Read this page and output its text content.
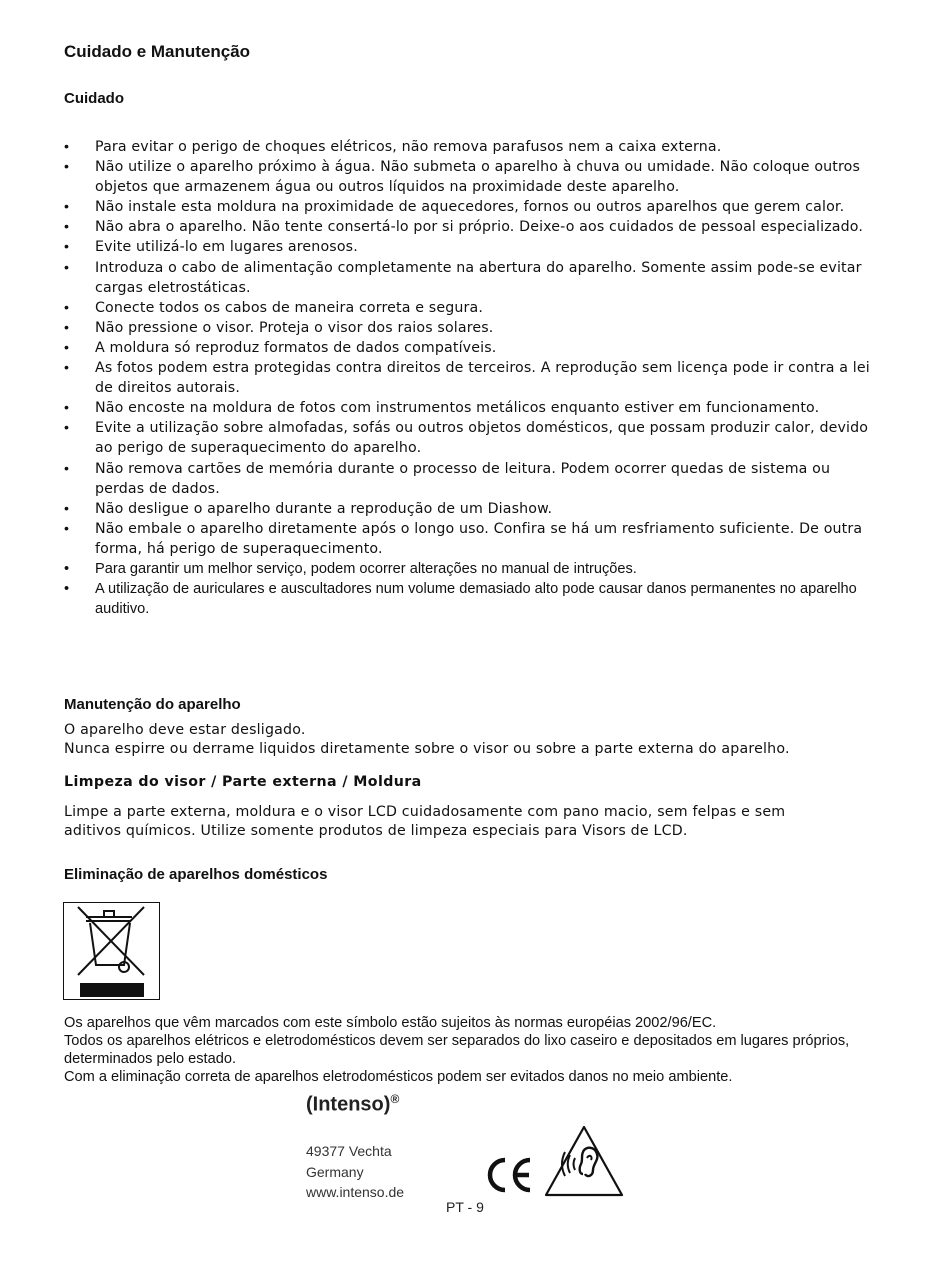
Cuidado e Manutenção
Cuidado
• Para evitar o perigo de choques elétricos, não remova parafusos nem a caixa externa.
• Não utilize o aparelho próximo à água. Não submeta o aparelho à chuva ou umidade. Não coloque outros objetos que armazenem água ou outros líquidos na proximidade deste aparelho.
• Não instale esta moldura na proximidade de aquecedores, fornos ou outros aparelhos que gerem calor.
• Não abra o aparelho. Não tente consertá-lo por si próprio. Deixe-o aos cuidados de pessoal especializado.
• Evite utilizá-lo em lugares arenosos.
• Introduza o cabo de alimentação completamente na abertura do aparelho. Somente assim pode-se evitar cargas eletrostáticas.
• Conecte todos os cabos de maneira correta e segura.
• Não pressione o visor. Proteja o visor dos raios solares.
• A moldura só reproduz formatos de dados compatíveis.
• As fotos podem estra protegidas contra direitos de terceiros. A reprodução sem licença pode ir contra a lei de direitos autorais.
• Não encoste na moldura de fotos com instrumentos metálicos enquanto estiver em funcionamento.
• Evite a utilização sobre almofadas, sofás ou outros objetos domésticos, que possam produzir calor, devido ao perigo de superaquecimento do aparelho.
• Não remova cartões de memória durante o processo de leitura. Podem ocorrer quedas de sistema ou perdas de dados.
• Não desligue o aparelho durante a reprodução de um Diashow.
• Não embale o aparelho diretamente após o longo uso. Confira se há um resfriamento suficiente. De outra forma, há perigo de superaquecimento.
• Para garantir um melhor serviço, podem ocorrer alterações no manual de intruções.
• A utilização de auriculares e auscultadores num volume demasiado alto pode causar danos permanentes no aparelho auditivo.
Manutenção do aparelho
O aparelho deve estar desligado.
Nunca espirre ou derrame liquidos diretamente sobre o visor ou sobre a parte externa do aparelho.
Limpeza do visor / Parte externa / Moldura
Limpe a parte externa, moldura e o visor LCD cuidadosamente com pano macio, sem felpas e sem
aditivos químicos. Utilize somente produtos de limpeza especiais para Visors de LCD.
Eliminação de aparelhos domésticos
Os aparelhos que vêm marcados com este símbolo estão sujeitos às normas européias 2002/96/EC.
Todos os aparelhos elétricos e eletrodomésticos devem ser separados do lixo caseiro e depositados em lugares próprios, determinados pelo estado.
Com a eliminação correta de aparelhos eletrodomésticos podem ser evitados danos no meio ambiente.
(Intenso)®
49377 Vechta
Germany
www.intenso.de
PT - 9
